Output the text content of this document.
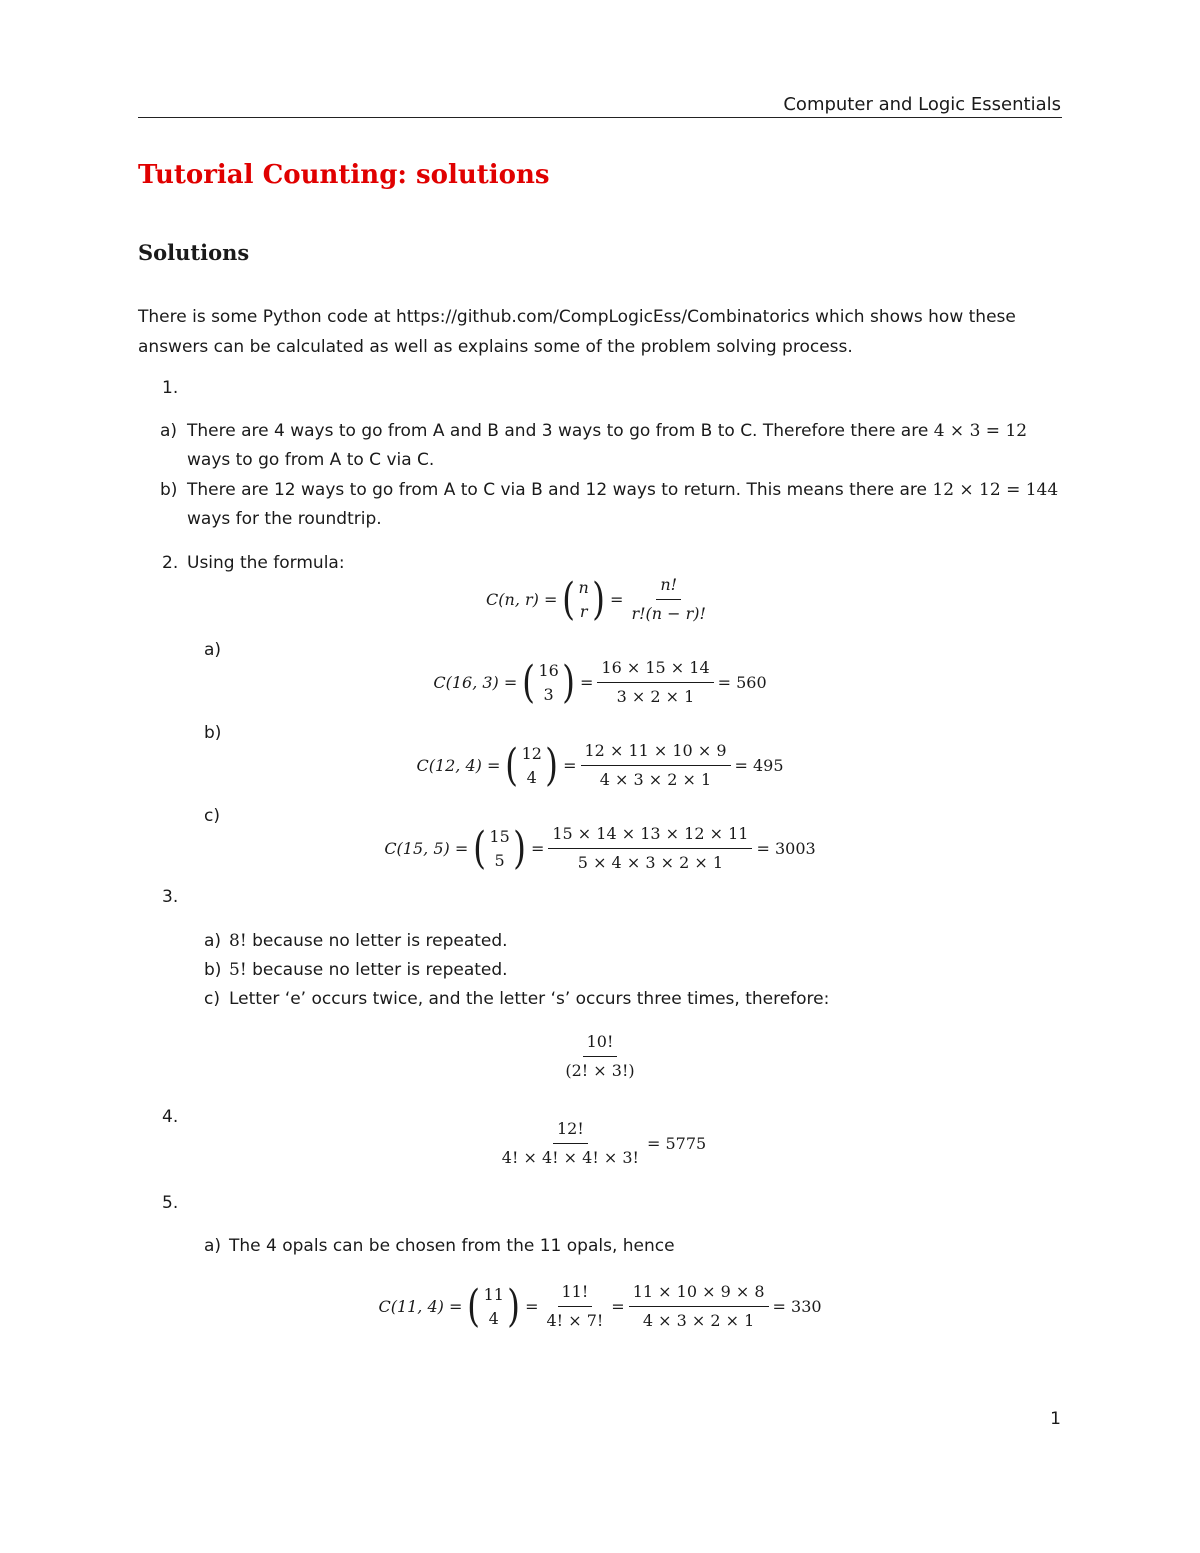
Computer and Logic Essentials
Tutorial Counting: solutions
Solutions
There is some Python code at https://github.com/CompLogicEss/Combinatorics which shows how these answers can be calculated as well as explains some of the problem solving process.
1.
a) There are 4 ways to go from A and B and 3 ways to go from B to C. Therefore there are 4 × 3 = 12
ways to go from A to C via C.
b) There are 12 ways to go from A to C via B and 12 ways to return. This means there are 12 × 12 = 144
ways for the roundtrip.
2. Using the formula:
C(n, r) = ( n
r ) = $\frac{n!}{r!(n - r)!}$
a)
C(16, 3) = ( 16
3 ) = $\frac{16 \times 15 \times 14}{3 \times 2 \times 1} = 560$
b)
C(12, 4) = ( 12
4 ) = $\frac{12 \times 11 \times 10 \times 9}{4 \times 3 \times 2 \times 1} = 495$
c)
C(15, 5) = ( 15
5 ) = $\frac{15 \times 14 \times 13 \times 12 \times 11}{5 \times 4 \times 3 \times 2 \times 1} = 3003$
3.
a) 8! because no letter is repeated.
b) 5! because no letter is repeated.
c) Letter ‘e’ occurs twice, and the letter ‘s’ occurs three times, therefore:
$\frac{10!}{(2! \times 3!)}$
4.
$\frac{12!}{4! \times 4! \times 4! \times 3!} = 5775$
5.
a) The 4 opals can be chosen from the 11 opals, hence
C(11, 4) = ( 11
4 ) = $\frac{11!}{4! \times 7!} = \frac{11 \times 10 \times 9 \times 8}{4 \times 3 \times 2 \times 1} = 330$
1
